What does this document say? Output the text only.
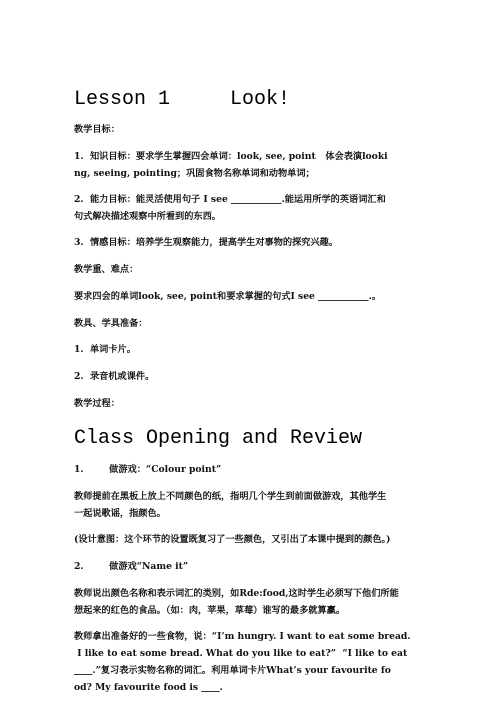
Lesson 1     Look!
教学目标：
1.  知识目标：要求学生掌握四会单词：look, see, point   体会表演looki
ng, seeing, pointing；巩固食物名称单词和动物单词；
2.  能力目标：能灵活使用句子 I see ___________.能运用所学的英语词汇和
句式解决描述观察中所看到的东西。
3.  情感目标：培养学生观察能力，提高学生对事物的探究兴趣。
教学重、难点：
要求四会的单词look, see, point和要求掌握的句式I see ___________.。
教具、学具准备：
1.  单词卡片。
2.  录音机或课件。
教学过程：
Class Opening and Review
1.        做游戏：“Colour point”
教师提前在黑板上放上不同颜色的纸，指明几个学生到前面做游戏，其他学生
一起说歌谣，指颜色。
(设计意图：这个环节的设置既复习了一些颜色，又引出了本课中提到的颜色。)
2.        做游戏“Name it”
教师说出颜色名称和表示词汇的类别，如Rde:food,这时学生必须写下他们所能
想起来的红色的食品。（如：肉，苹果，草莓）谁写的最多就算赢。
教师拿出准备好的一些食物，说：“I’m hungry. I want to eat some bread.
I like to eat some bread. What do you like to eat?”  “I like to eat
____.”复习表示实物名称的词汇。利用单词卡片What’s your favourite fo
od? My favourite food is ____.
